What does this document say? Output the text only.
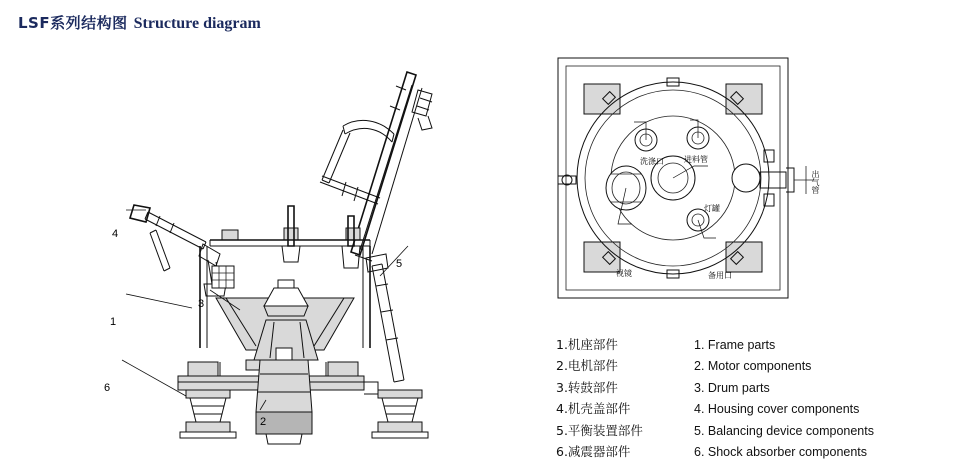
LSF系列结构图 Structure diagram
4
1
6
3
2
5
洗涤口	进料管
灯罐
视镜	备用口
出气管
1.机座部件
2.电机部件
3.转鼓部件
4.机壳盖部件
5.平衡装置部件
6.减震器部件
1. Frame parts
2. Motor components
3. Drum parts
4. Housing cover components
5. Balancing device components
6. Shock absorber components
